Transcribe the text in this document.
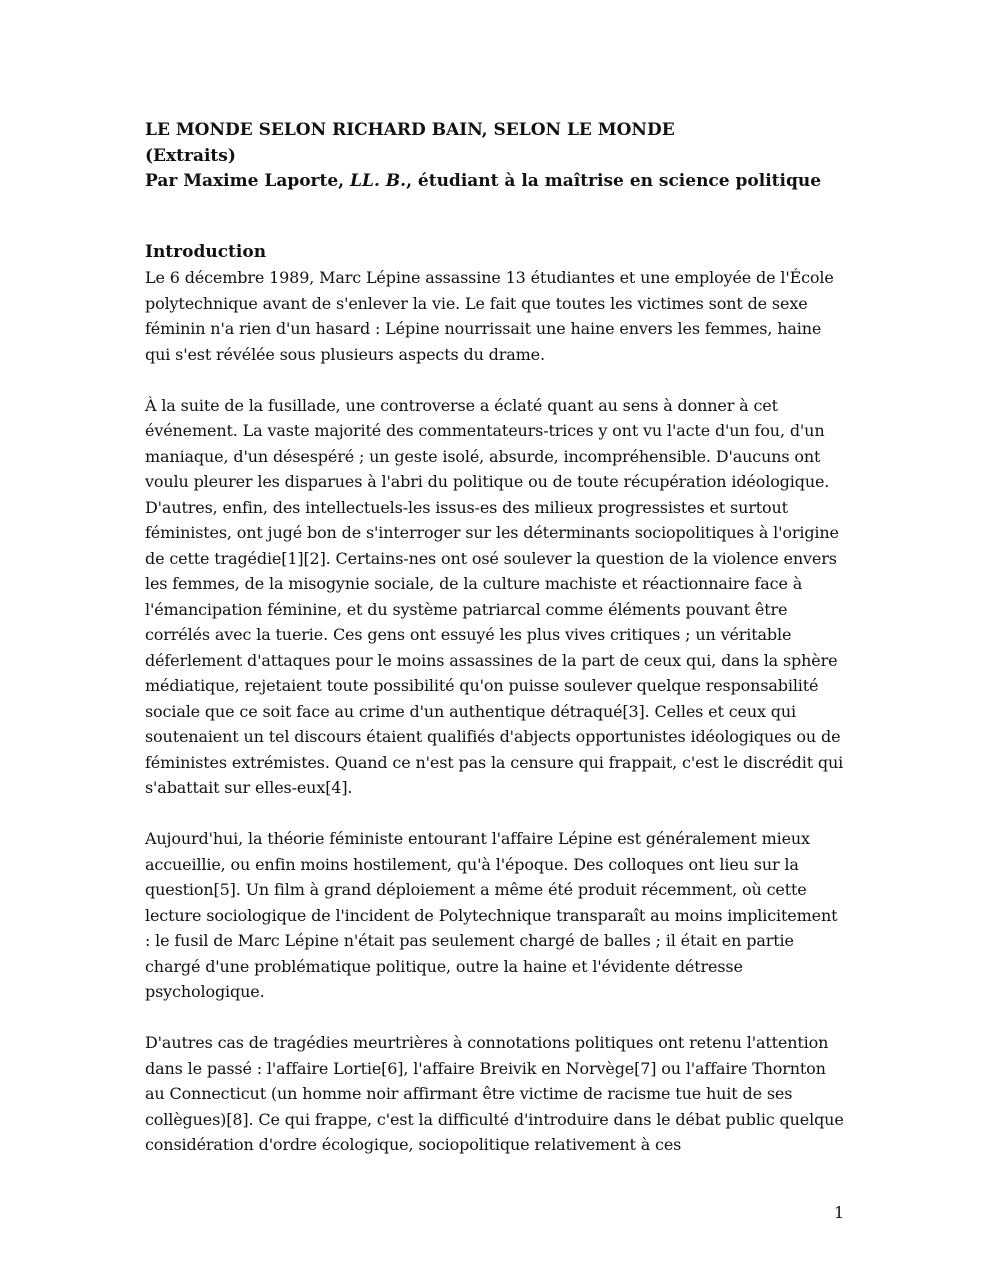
LE MONDE SELON RICHARD BAIN, SELON LE MONDE

(Extraits)

Par Maxime Laporte, LL. B., étudiant à la maîtrise en science politique

Introduction

Le 6 décembre 1989, Marc Lépine assassine 13 étudiantes et une employée de l'École polytechnique avant de s'enlever la vie. Le fait que toutes les victimes sont de sexe féminin n'a rien d'un hasard : Lépine nourrissait une haine envers les femmes, haine qui s'est révélée sous plusieurs aspects du drame.

À la suite de la fusillade, une controverse a éclaté quant au sens à donner à cet événement. La vaste majorité des commentateurs-trices y ont vu l'acte d'un fou, d'un maniaque, d'un désespéré ; un geste isolé, absurde, incompréhensible. D'aucuns ont voulu pleurer les disparues à l'abri du politique ou de toute récupération idéologique. D'autres, enfin, des intellectuels-les issus-es des milieux progressistes et surtout féministes, ont jugé bon de s'interroger sur les déterminants sociopolitiques à l'origine de cette tragédie[1][2]. Certains-nes ont osé soulever la question de la violence envers les femmes, de la misogynie sociale, de la culture machiste et réactionnaire face à l'émancipation féminine, et du système patriarcal comme éléments pouvant être corrélés avec la tuerie. Ces gens ont essuyé les plus vives critiques ; un véritable déferlement d'attaques pour le moins assassines de la part de ceux qui, dans la sphère médiatique, rejetaient toute possibilité qu'on puisse soulever quelque responsabilité sociale que ce soit face au crime d'un authentique détraqué[3]. Celles et ceux qui soutenaient un tel discours étaient qualifiés d'abjects opportunistes idéologiques ou de féministes extrémistes. Quand ce n'est pas la censure qui frappait, c'est le discrédit qui s'abattait sur elles-eux[4].

Aujourd'hui, la théorie féministe entourant l'affaire Lépine est généralement mieux accueillie, ou enfin moins hostilement, qu'à l'époque. Des colloques ont lieu sur la question[5]. Un film à grand déploiement a même été produit récemment, où cette lecture sociologique de l'incident de Polytechnique transparaît au moins implicitement : le fusil de Marc Lépine n'était pas seulement chargé de balles ; il était en partie chargé d'une problématique politique, outre la haine et l'évidente détresse psychologique.

D'autres cas de tragédies meurtrières à connotations politiques ont retenu l'attention dans le passé : l'affaire Lortie[6], l'affaire Breivik en Norvège[7] ou l'affaire Thornton au Connecticut (un homme noir affirmant être victime de racisme tue huit de ses collègues)[8]. Ce qui frappe, c'est la difficulté d'introduire dans le débat public quelque considération d'ordre écologique, sociopolitique relativement à ces

1
